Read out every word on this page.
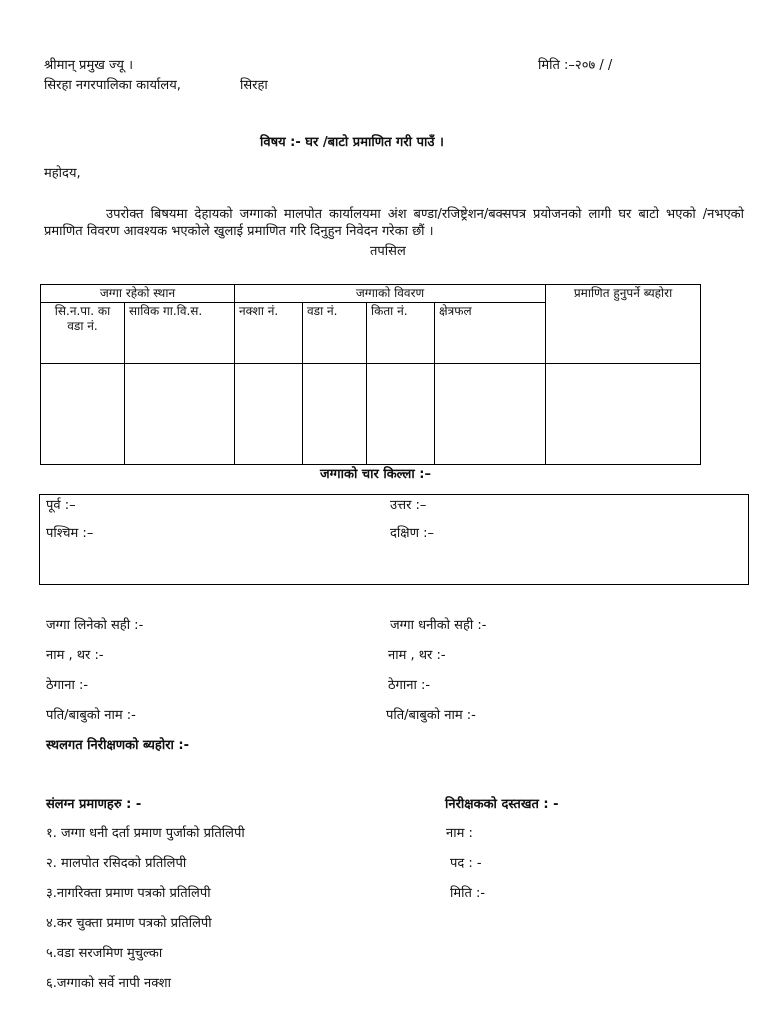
श्रीमान् प्रमुख ज्यू ।
सिरहा नगरपालिका कार्यालय,	सिरहा
मिति :–२०७ / /
विषय :- घर /बाटो प्रमाणित गरी पाउँ ।
महोदय,
उपरोक्त बिषयमा देहायको जग्गाको मालपोत कार्यालयमा अंश बण्डा/रजिष्ट्रेशन/बक्सपत्र प्रयोजनको लागी घर बाटो भएको /नभएको प्रमाणित विवरण आवश्यक भएकोले खुलाई प्रमाणित गरि दिनुहुन निवेदन गरेका छौं ।
तपसिल
जग्गा रहेको स्थान		जग्गाको विवरण				प्रमाणित हुनुपर्ने ब्यहोरा
सि.न.पा. का वडा नं.	साविक गा.वि.स.	नक्शा नं.	वडा नं.	किता नं.	क्षेत्रफल	

जग्गाको चार किल्ला :–
पूर्व :–	उत्तर :–
पश्चिम :–	दक्षिण :–
जग्गा लिनेको सही :-	जग्गा धनीको सही :-
नाम , थर :-	नाम , थर :-
ठेगाना :-	ठेगाना :-
पति/बाबुको नाम :-	पति/बाबुको नाम :-
स्थलगत निरीक्षणको ब्यहोरा :-
संलग्न प्रमाणहरु : -
१. जग्गा धनी दर्ता प्रमाण पुर्जाको प्रतिलिपी
२. मालपोत रसिदको प्रतिलिपी
३.नागरिक्ता प्रमाण पत्रको प्रतिलिपी
४.कर चुक्ता प्रमाण पत्रको प्रतिलिपी
५.वडा सरजमिण मुचुल्का
६.जग्गाको सर्वे नापी नक्शा
निरीक्षकको दस्तखत : -
नाम :
पद : -
मिति :-
